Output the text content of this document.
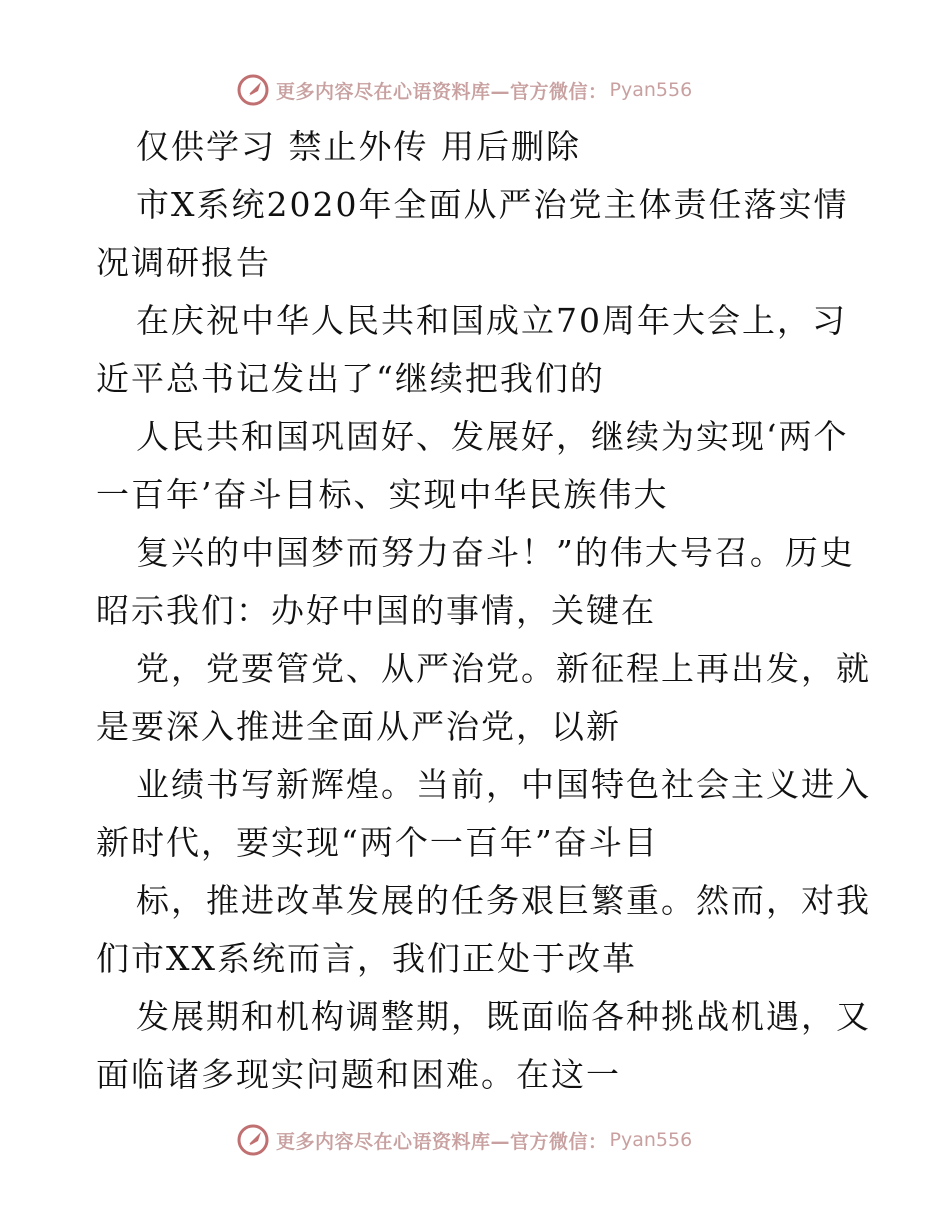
更多内容尽在心语资料库—官方微信： Pyan556

仅供学习 禁止外传 用后删除

市X系统2020年全面从严治党主体责任落实情

况调研报告

在庆祝中华人民共和国成立70周年大会上，习

近平总书记发出了“继续把我们的

人民共和国巩固好、发展好，继续为实现‘两个

一百年’奋斗目标、实现中华民族伟大

复兴的中国梦而努力奋斗！”的伟大号召。历史

昭示我们：办好中国的事情，关键在

党，党要管党、从严治党。新征程上再出发，就

是要深入推进全面从严治党，以新

业绩书写新辉煌。当前，中国特色社会主义进入

新时代，要实现“两个一百年”奋斗目

标，推进改革发展的任务艰巨繁重。然而，对我

们市XX系统而言，我们正处于改革

发展期和机构调整期，既面临各种挑战机遇，又

面临诸多现实问题和困难。在这一

更多内容尽在心语资料库—官方微信： Pyan556
